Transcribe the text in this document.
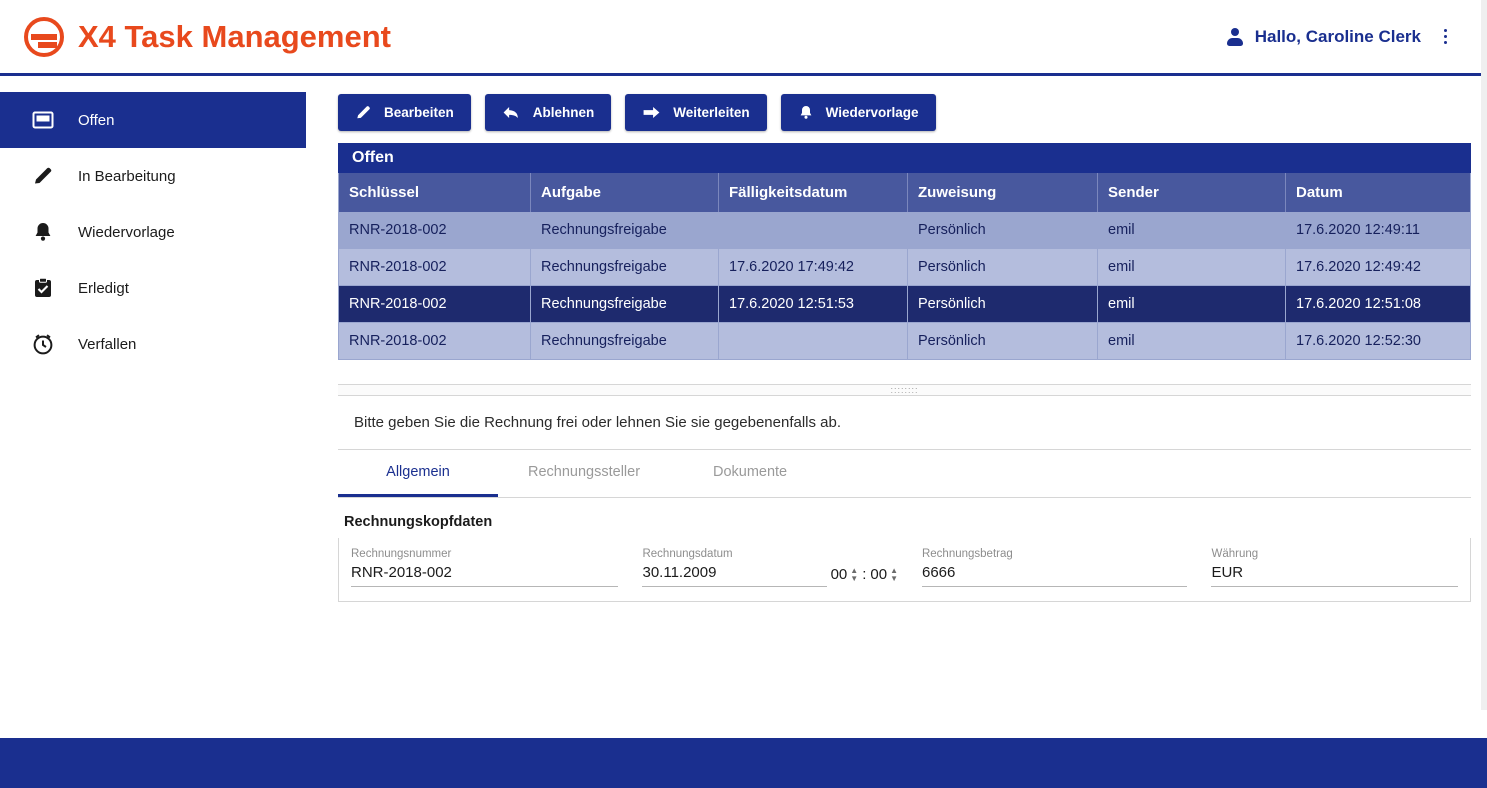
X4 Task Management	Hallo, Caroline Clerk
Offen
In Bearbeitung
Wiedervorlage
Erledigt
Verfallen
Bearbeiten	Ablehnen	Weiterleiten	Wiedervorlage
Offen
Schlüssel	Aufgabe	Fälligkeitsdatum	Zuweisung	Sender	Datum
RNR-2018-002	Rechnungsfreigabe		Persönlich	emil	17.6.2020 12:49:11
RNR-2018-002	Rechnungsfreigabe	17.6.2020 17:49:42	Persönlich	emil	17.6.2020 12:49:42
RNR-2018-002	Rechnungsfreigabe	17.6.2020 12:51:53	Persönlich	emil	17.6.2020 12:51:08
RNR-2018-002	Rechnungsfreigabe		Persönlich	emil	17.6.2020 12:52:30
::::::::
Bitte geben Sie die Rechnung frei oder lehnen Sie sie gegebenenfalls ab.
Allgemein	Rechnungssteller	Dokumente
Rechnungskopfdaten
Rechnungsnummer
RNR-2018-002	Rechnungsdatum
30.11.2009
00 ▲
▼ : 00 ▲
▼
Rechnungsbetrag
6666	Währung
EUR
